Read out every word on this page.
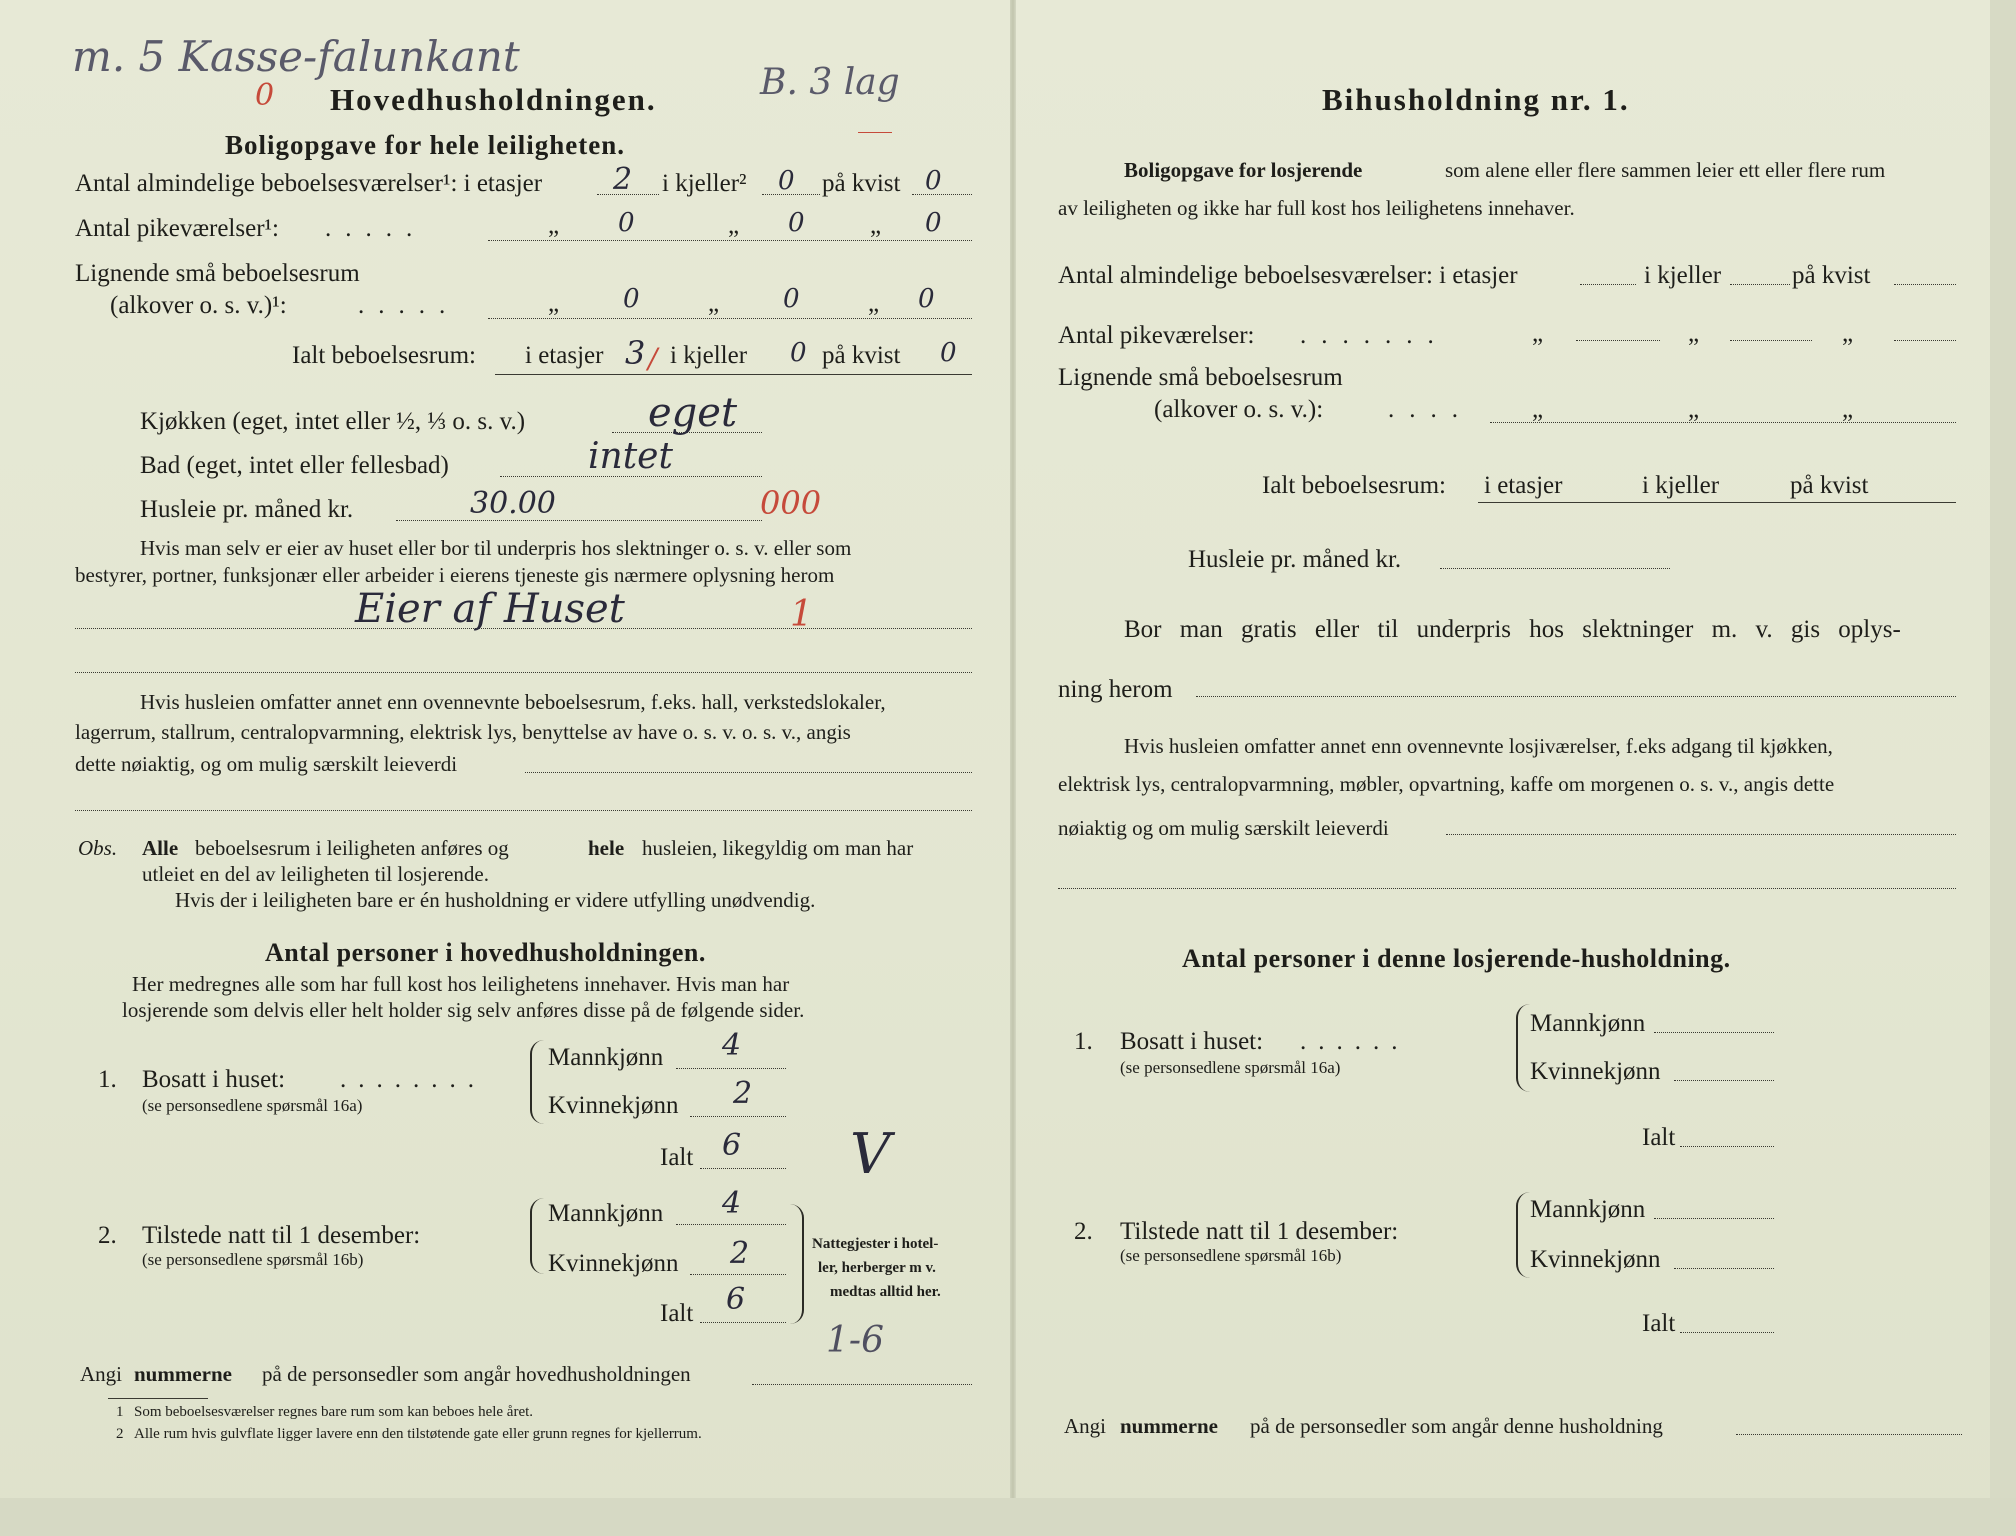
m. 5 Kasse-falunkant
0 Hovedhusholdningen.	B. 3 lag
Boligopgave for hele leiligheten.
Antal almindelige beboelsesværelser¹: i etasjer 2 i kjeller² 0 på kvist 0
Antal pikeværelser¹: .....	„ 0	„ 0	„ 0
Lignende små beboelsesrum
(alkover o. s. v.)¹:	.....	„ 0	„ 0	„ 0
Ialt beboelsesrum: i etasjer 3 / i kjeller 0 på kvist 0
Kjøkken (eget, intet eller ½, ⅓ o. s. v.)	eget
Bad (eget, intet eller fellesbad)	intet
Husleie pr. måned kr.	30.00	000
Hvis man selv er eier av huset eller bor til underpris hos slektninger o. s. v. eller som
bestyrer, portner, funksjonær eller arbeider i eierens tjeneste gis nærmere oplysning herom
Eier af Huset	1
Hvis husleien omfatter annet enn ovennevnte beboelsesrum, f.eks. hall, verkstedslokaler,
lagerrum, stallrum, centralopvarmning, elektrisk lys, benyttelse av have o. s. v. o. s. v., angis
dette nøiaktig, og om mulig særskilt leieverdi
Obs. Alle beboelsesrum i leiligheten anføres og	hele husleien, likegyldig om man har
utleiet en del av leiligheten til losjerende.
Hvis der i leiligheten bare er én husholdning er videre utfylling unødvendig.
Antal personer i hovedhusholdningen.
Her medregnes alle som har full kost hos leilighetens innehaver. Hvis man har
losjerende som delvis eller helt holder sig selv anføres disse på de følgende sider.
1. Bosatt i huset: ........
(se personsedlene spørsmål 16a)
Mannkjønn 4
Kvinnekjønn 2
Ialt 6 V
2. Tilstede natt til 1 desember:
(se personsedlene spørsmål 16b)
Mannkjønn 4
Kvinnekjønn 2
Ialt 6
Nattegjester i hotel-
ler, herberger m v.
medtas alltid her.
1-6
Angi nummerne på de personsedler som angår hovedhusholdningen
1 Som beboelsesværelser regnes bare rum som kan beboes hele året.
2 Alle rum hvis gulvflate ligger lavere enn den tilstøtende gate eller grunn regnes for kjellerrum.
Bihusholdning nr. 1.
Boligopgave for losjerende	som alene eller flere sammen leier ett eller flere rum
av leiligheten og ikke har full kost hos leilighetens innehaver.
Antal almindelige beboelsesværelser: i etasjer	i kjeller	på kvist
Antal pikeværelser: .......	„	„	„
Lignende små beboelsesrum
(alkover o. s. v.):	.... „	„	„
Ialt beboelsesrum: i etasjer	i kjeller	på kvist
Husleie pr. måned kr.
Bor man gratis eller til underpris hos slektninger m. v. gis oplys-
ning herom
Hvis husleien omfatter annet enn ovennevnte losjiværelser, f.eks adgang til kjøkken,
elektrisk lys, centralopvarmning, møbler, opvartning, kaffe om morgenen o. s. v., angis dette
nøiaktig og om mulig særskilt leieverdi
Antal personer i denne losjerende-husholdning.
1. Bosatt i huset: ......
(se personsedlene spørsmål 16a)
Mannkjønn
Kvinnekjønn
Ialt
2. Tilstede natt til 1 desember:
(se personsedlene spørsmål 16b)
Mannkjønn
Kvinnekjønn
Ialt
Angi nummerne på de personsedler som angår denne husholdning
